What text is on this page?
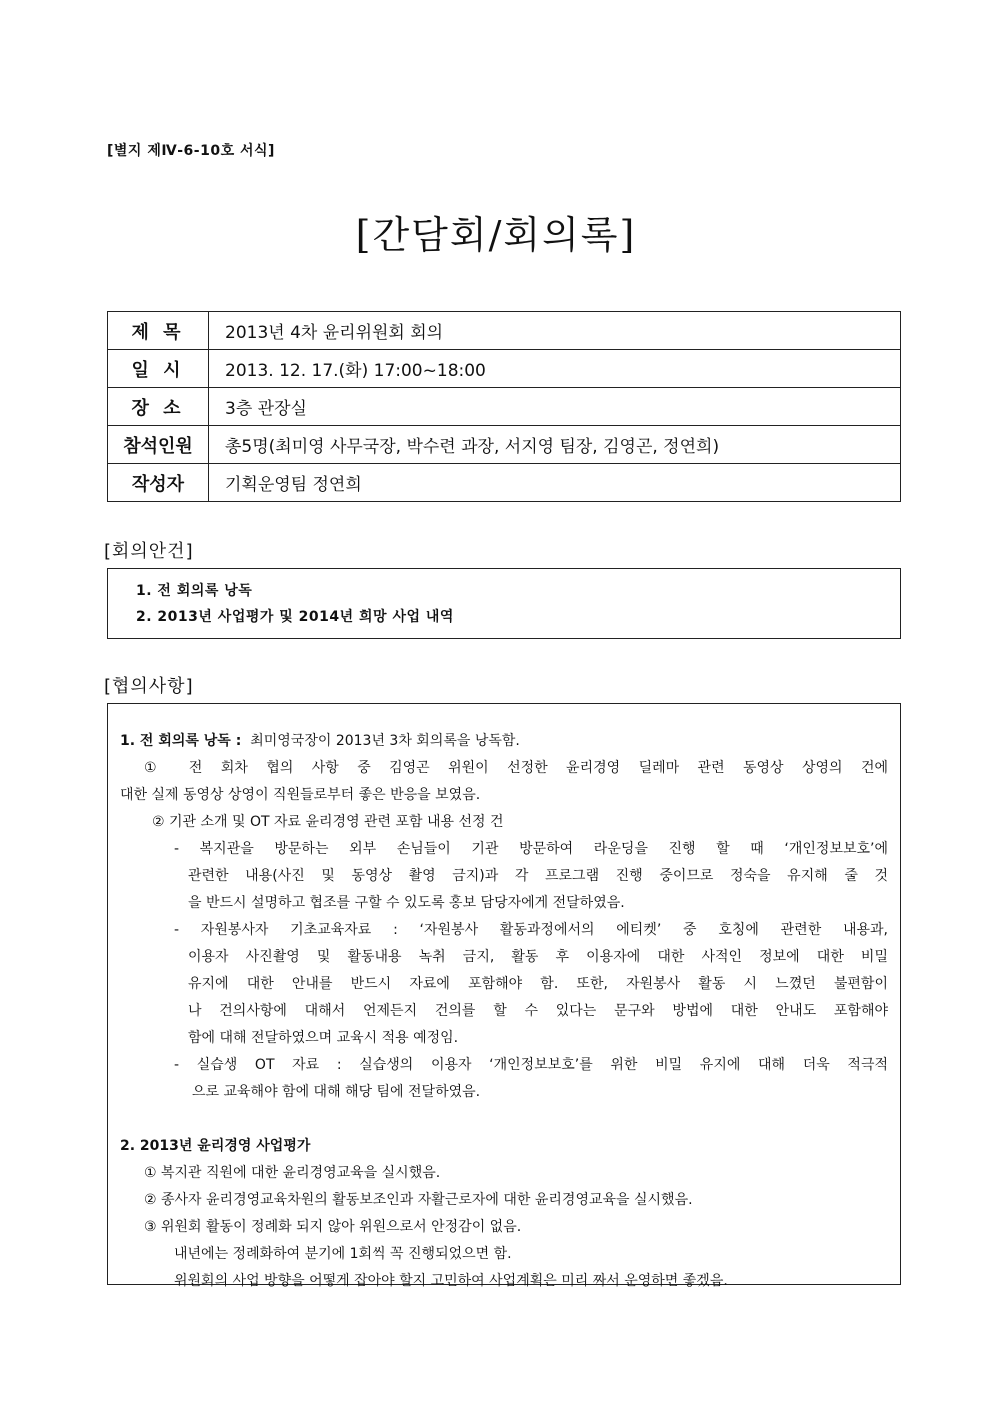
[별지 제Ⅳ-6-10호 서식]
[간담회/회의록]
제 목	2013년 4차 윤리위원회 회의
일 시	2013. 12. 17.(화) 17:00~18:00
장 소	3층 관장실
참석인원	총5명(최미영 사무국장, 박수련 과장, 서지영 팀장, 김영곤, 정연희)
작성자	기획운영팀 정연희
[회의안건]
1. 전 회의록 낭독
2. 2013년 사업평가 및 2014년 희망 사업 내역
[협의사항]
1. 전 회의록 낭독 : 최미영국장이 2013년 3차 회의록을 낭독함.
① 전 회차 협의 사항 중 김영곤 위원이 선정한 윤리경영 딜레마 관련 동영상 상영의 건에
대한 실제 동영상 상영이 직원들로부터 좋은 반응을 보였음.
② 기관 소개 및 OT 자료 윤리경영 관련 포함 내용 선정 건
- 복지관을 방문하는 외부 손님들이 기관 방문하여 라운딩을 진행 할 때 ‘개인정보보호’에
관련한 내용(사진 및 동영상 촬영 금지)과 각 프로그램 진행 중이므로 정숙을 유지해 줄 것
을 반드시 설명하고 협조를 구할 수 있도록 홍보 담당자에게 전달하였음.
- 자원봉사자 기초교육자료 : ‘자원봉사 활동과정에서의 에티켓’ 중 호칭에 관련한 내용과,
이용자 사진촬영 및 활동내용 녹취 금지, 활동 후 이용자에 대한 사적인 정보에 대한 비밀
유지에 대한 안내를 반드시 자료에 포함해야 함. 또한, 자원봉사 활동 시 느꼈던 불편함이
나 건의사항에 대해서 언제든지 건의를 할 수 있다는 문구와 방법에 대한 안내도 포함해야
함에 대해 전달하였으며 교육시 적용 예정임.
- 실습생 OT 자료 : 실습생의 이용자 ‘개인정보보호’를 위한 비밀 유지에 대해 더욱 적극적
으로 교육해야 함에 대해 해당 팀에 전달하였음.
2. 2013년 윤리경영 사업평가
① 복지관 직원에 대한 윤리경영교육을 실시했음.
② 종사자 윤리경영교육차원의 활동보조인과 자활근로자에 대한 윤리경영교육을 실시했음.
③ 위원회 활동이 정례화 되지 않아 위원으로서 안정감이 없음.
내년에는 정례화하여 분기에 1회씩 꼭 진행되었으면 함.
위원회의 사업 방향을 어떻게 잡아야 할지 고민하여 사업계획은 미리 짜서 운영하면 좋겠음.
